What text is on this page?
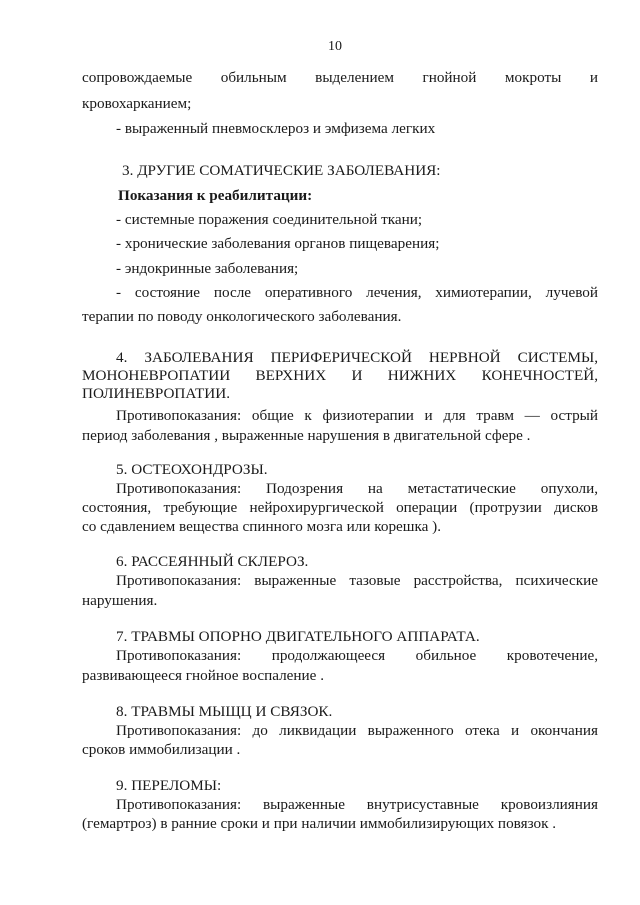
10
сопровождаемые обильным выделением гнойной мокроты и
кровохарканием;
- выраженный пневмосклероз и эмфизема легких
3. ДРУГИЕ СОМАТИЧЕСКИЕ ЗАБОЛЕВАНИЯ:
Показания к реабилитации:
- системные поражения соединительной ткани;
- хронические заболевания органов пищеварения;
- эндокринные заболевания;
- состояние после оперативного лечения, химиотерапии, лучевой
терапии по поводу онкологического заболевания.
4. ЗАБОЛЕВАНИЯ ПЕРИФЕРИЧЕСКОЙ НЕРВНОЙ СИСТЕМЫ,
МОНОНЕВРОПАТИИ ВЕРХНИХ И НИЖНИХ КОНЕЧНОСТЕЙ,
ПОЛИНЕВРОПАТИИ.
Противопоказания: общие к физиотерапии и для травм — острый
период заболевания , выраженные нарушения в двигательной сфере .
5. ОСТЕОХОНДРОЗЫ.
Противопоказания: Подозрения на метастатические опухоли,
состояния, требующие нейрохирургической операции (протрузии дисков
со сдавлением вещества спинного мозга или корешка ).
6. РАССЕЯННЫЙ СКЛЕРОЗ.
Противопоказания: выраженные тазовые расстройства, психические
нарушения.
7. ТРАВМЫ ОПОРНО ДВИГАТЕЛЬНОГО АППАРАТА.
Противопоказания: продолжающееся обильное кровотечение,
развивающееся гнойное воспаление .
8. ТРАВМЫ МЫЩЦ И СВЯЗОК.
Противопоказания: до ликвидации выраженного отека и окончания
сроков иммобилизации .
9. ПЕРЕЛОМЫ:
Противопоказания: выраженные внутрисуставные кровоизлияния
(гемартроз) в ранние сроки и при наличии иммобилизирующих повязок .
